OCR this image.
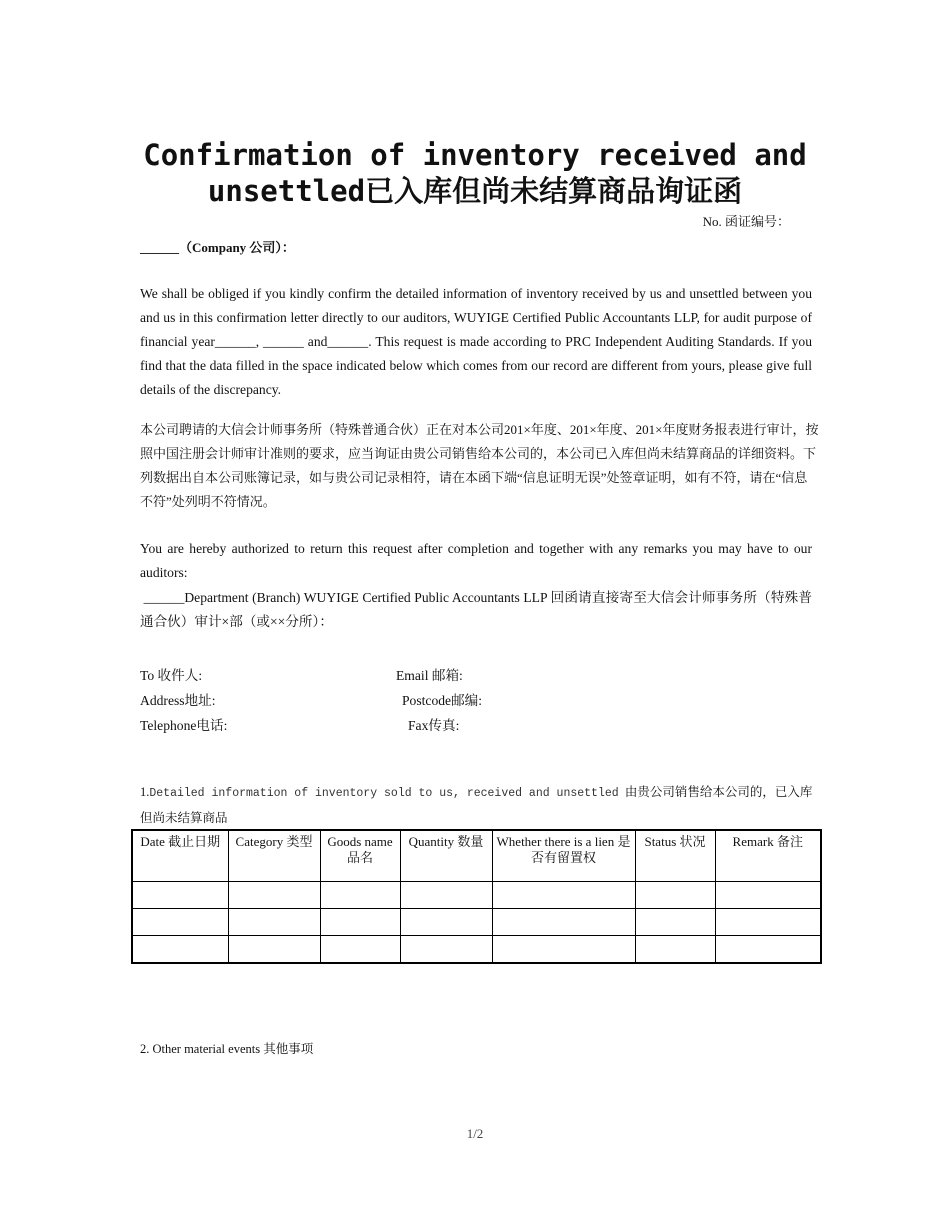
Confirmation of inventory received and
unsettled已入库但尚未结算商品询证函
No. 函证编号：
______（Company 公司）：
We shall be obliged if you kindly confirm the detailed information of inventory received by us and unsettled between you and us in this confirmation letter directly to our auditors, WUYIGE Certified Public Accountants LLP, for audit purpose of financial year______, ______ and______. This request is made according to PRC Independent Auditing Standards. If you find that the data filled in the space indicated below which comes from our record are different from yours, please give full details of the discrepancy.
本公司聘请的大信会计师事务所（特殊普通合伙）正在对本公司201×年度、201×年度、201×年度财务报表进行审计，按照中国注册会计师审计准则的要求，应当询证由贵公司销售给本公司的，本公司已入库但尚未结算商品的详细资料。下列数据出自本公司账簿记录，如与贵公司记录相符，请在本函下端“信息证明无误”处签章证明，如有不符，请在“信息不符”处列明不符情况。
You are hereby authorized to return this request after completion and together with any remarks you may have to our auditors:
______Department (Branch) WUYIGE Certified Public Accountants LLP 回函请直接寄至大信会计师事务所（特殊普通合伙）审计×部（或××分所）：
To 收件人:	Email 邮箱:
Address地址:	Postcode邮编:
Telephone电话:	Fax传真:
1.Detailed information of inventory sold to us, received and unsettled 由贵公司销售给本公司的，已入库但尚未结算商品
Date 截止日期	Category 类型	Goods name 品名	Quantity 数量	Whether there is a lien 是否有留置权	Status 状况	Remark 备注

2. Other material events 其他事项
1/2
